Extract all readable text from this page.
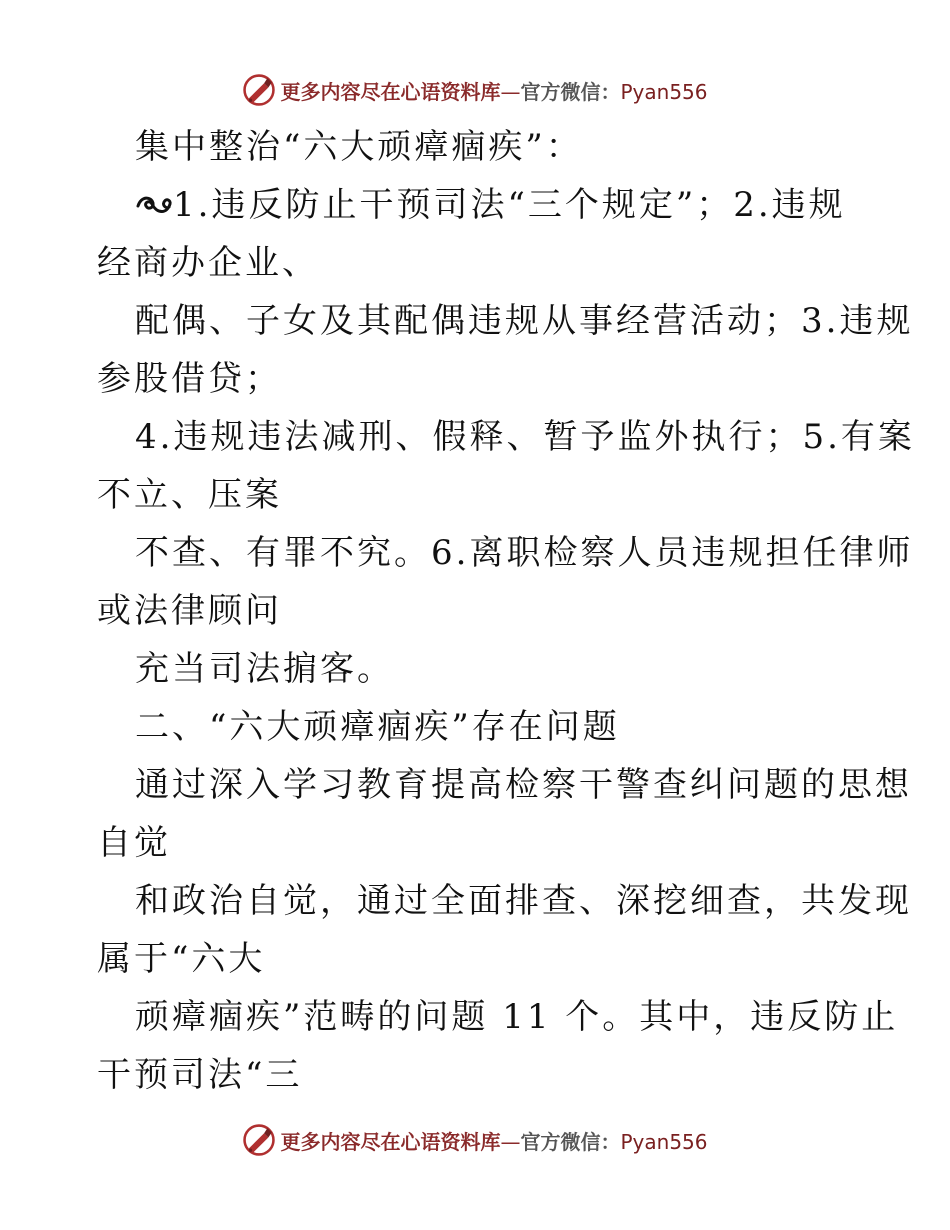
更多内容尽在心语资料库—官方微信：Pyan556
集中整治“六大顽瘴痼疾”：
1.违反防止干预司法“三个规定”；2.违规
经商办企业、
配偶、子女及其配偶违规从事经营活动；3.违规
参股借贷；
4.违规违法减刑、假释、暂予监外执行；5.有案
不立、压案
不查、有罪不究。6.离职检察人员违规担任律师
或法律顾问
充当司法掮客。
二、“六大顽瘴痼疾”存在问题
通过深入学习教育提高检察干警查纠问题的思想
自觉
和政治自觉，通过全面排查、深挖细查，共发现
属于“六大
顽瘴痼疾”范畴的问题 11 个。其中，违反防止
干预司法“三
更多内容尽在心语资料库—官方微信：Pyan556
